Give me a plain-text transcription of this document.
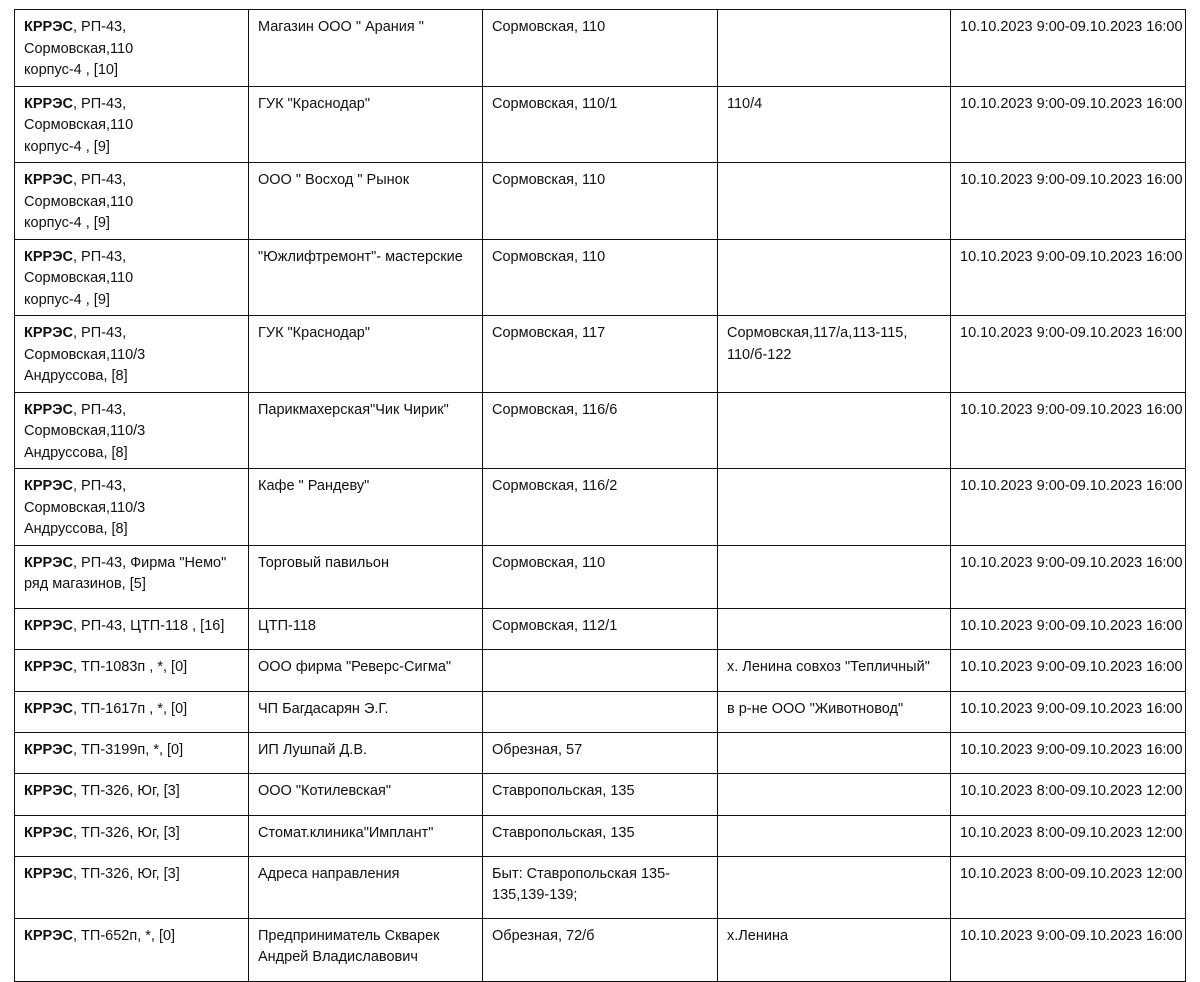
КРРЭС, РП-43, Сормовская,110
корпус-4 , [10]	Магазин ООО " Арания "	Сормовская, 110		10.10.2023 9:00-09.10.2023 16:00
КРРЭС, РП-43, Сормовская,110
корпус-4 , [9]	ГУК "Краснодар"	Сормовская, 110/1	110/4	10.10.2023 9:00-09.10.2023 16:00
КРРЭС, РП-43, Сормовская,110
корпус-4 , [9]	ООО " Восход " Рынок	Сормовская, 110		10.10.2023 9:00-09.10.2023 16:00
КРРЭС, РП-43, Сормовская,110
корпус-4 , [9]	"Южлифтремонт"- мастерские	Сормовская, 110		10.10.2023 9:00-09.10.2023 16:00
КРРЭС, РП-43, Сормовская,110/3
Андруссова, [8]	ГУК "Краснодар"	Сормовская, 117	Сормовская,117/а,113-115,
110/б-122	10.10.2023 9:00-09.10.2023 16:00
КРРЭС, РП-43, Сормовская,110/3
Андруссова, [8]	Парикмахерская"Чик Чирик"	Сормовская, 116/6		10.10.2023 9:00-09.10.2023 16:00
КРРЭС, РП-43, Сормовская,110/3
Андруссова, [8]	Кафе " Рандеву"	Сормовская, 116/2		10.10.2023 9:00-09.10.2023 16:00
КРРЭС, РП-43, Фирма "Немо"
ряд магазинов, [5]	Торговый павильон	Сормовская, 110		10.10.2023 9:00-09.10.2023 16:00
КРРЭС, РП-43, ЦТП-118 , [16]	ЦТП-118	Сормовская, 112/1		10.10.2023 9:00-09.10.2023 16:00
КРРЭС, ТП-1083п , *, [0]	ООО фирма "Реверс-Сигма"		х. Ленина совхоз "Тепличный"	10.10.2023 9:00-09.10.2023 16:00
КРРЭС, ТП-1617п , *, [0]	ЧП Багдасарян Э.Г.		в р-не ООО "Животновод"	10.10.2023 9:00-09.10.2023 16:00
КРРЭС, ТП-3199п, *, [0]	ИП Лушпай Д.В.	Обрезная, 57		10.10.2023 9:00-09.10.2023 16:00
КРРЭС, ТП-326, Юг, [3]	ООО "Котилевская"	Ставропольская, 135		10.10.2023 8:00-09.10.2023 12:00
КРРЭС, ТП-326, Юг, [3]	Стомат.клиника"Имплант"	Ставропольская, 135		10.10.2023 8:00-09.10.2023 12:00
КРРЭС, ТП-326, Юг, [3]	Адреса направления	Быт: Ставропольская 135-
135,139-139;		10.10.2023 8:00-09.10.2023 12:00
КРРЭС, ТП-652п, *, [0]	Предприниматель Скварек
Андрей Владиславович	Обрезная, 72/б	х.Ленина	10.10.2023 9:00-09.10.2023 16:00
